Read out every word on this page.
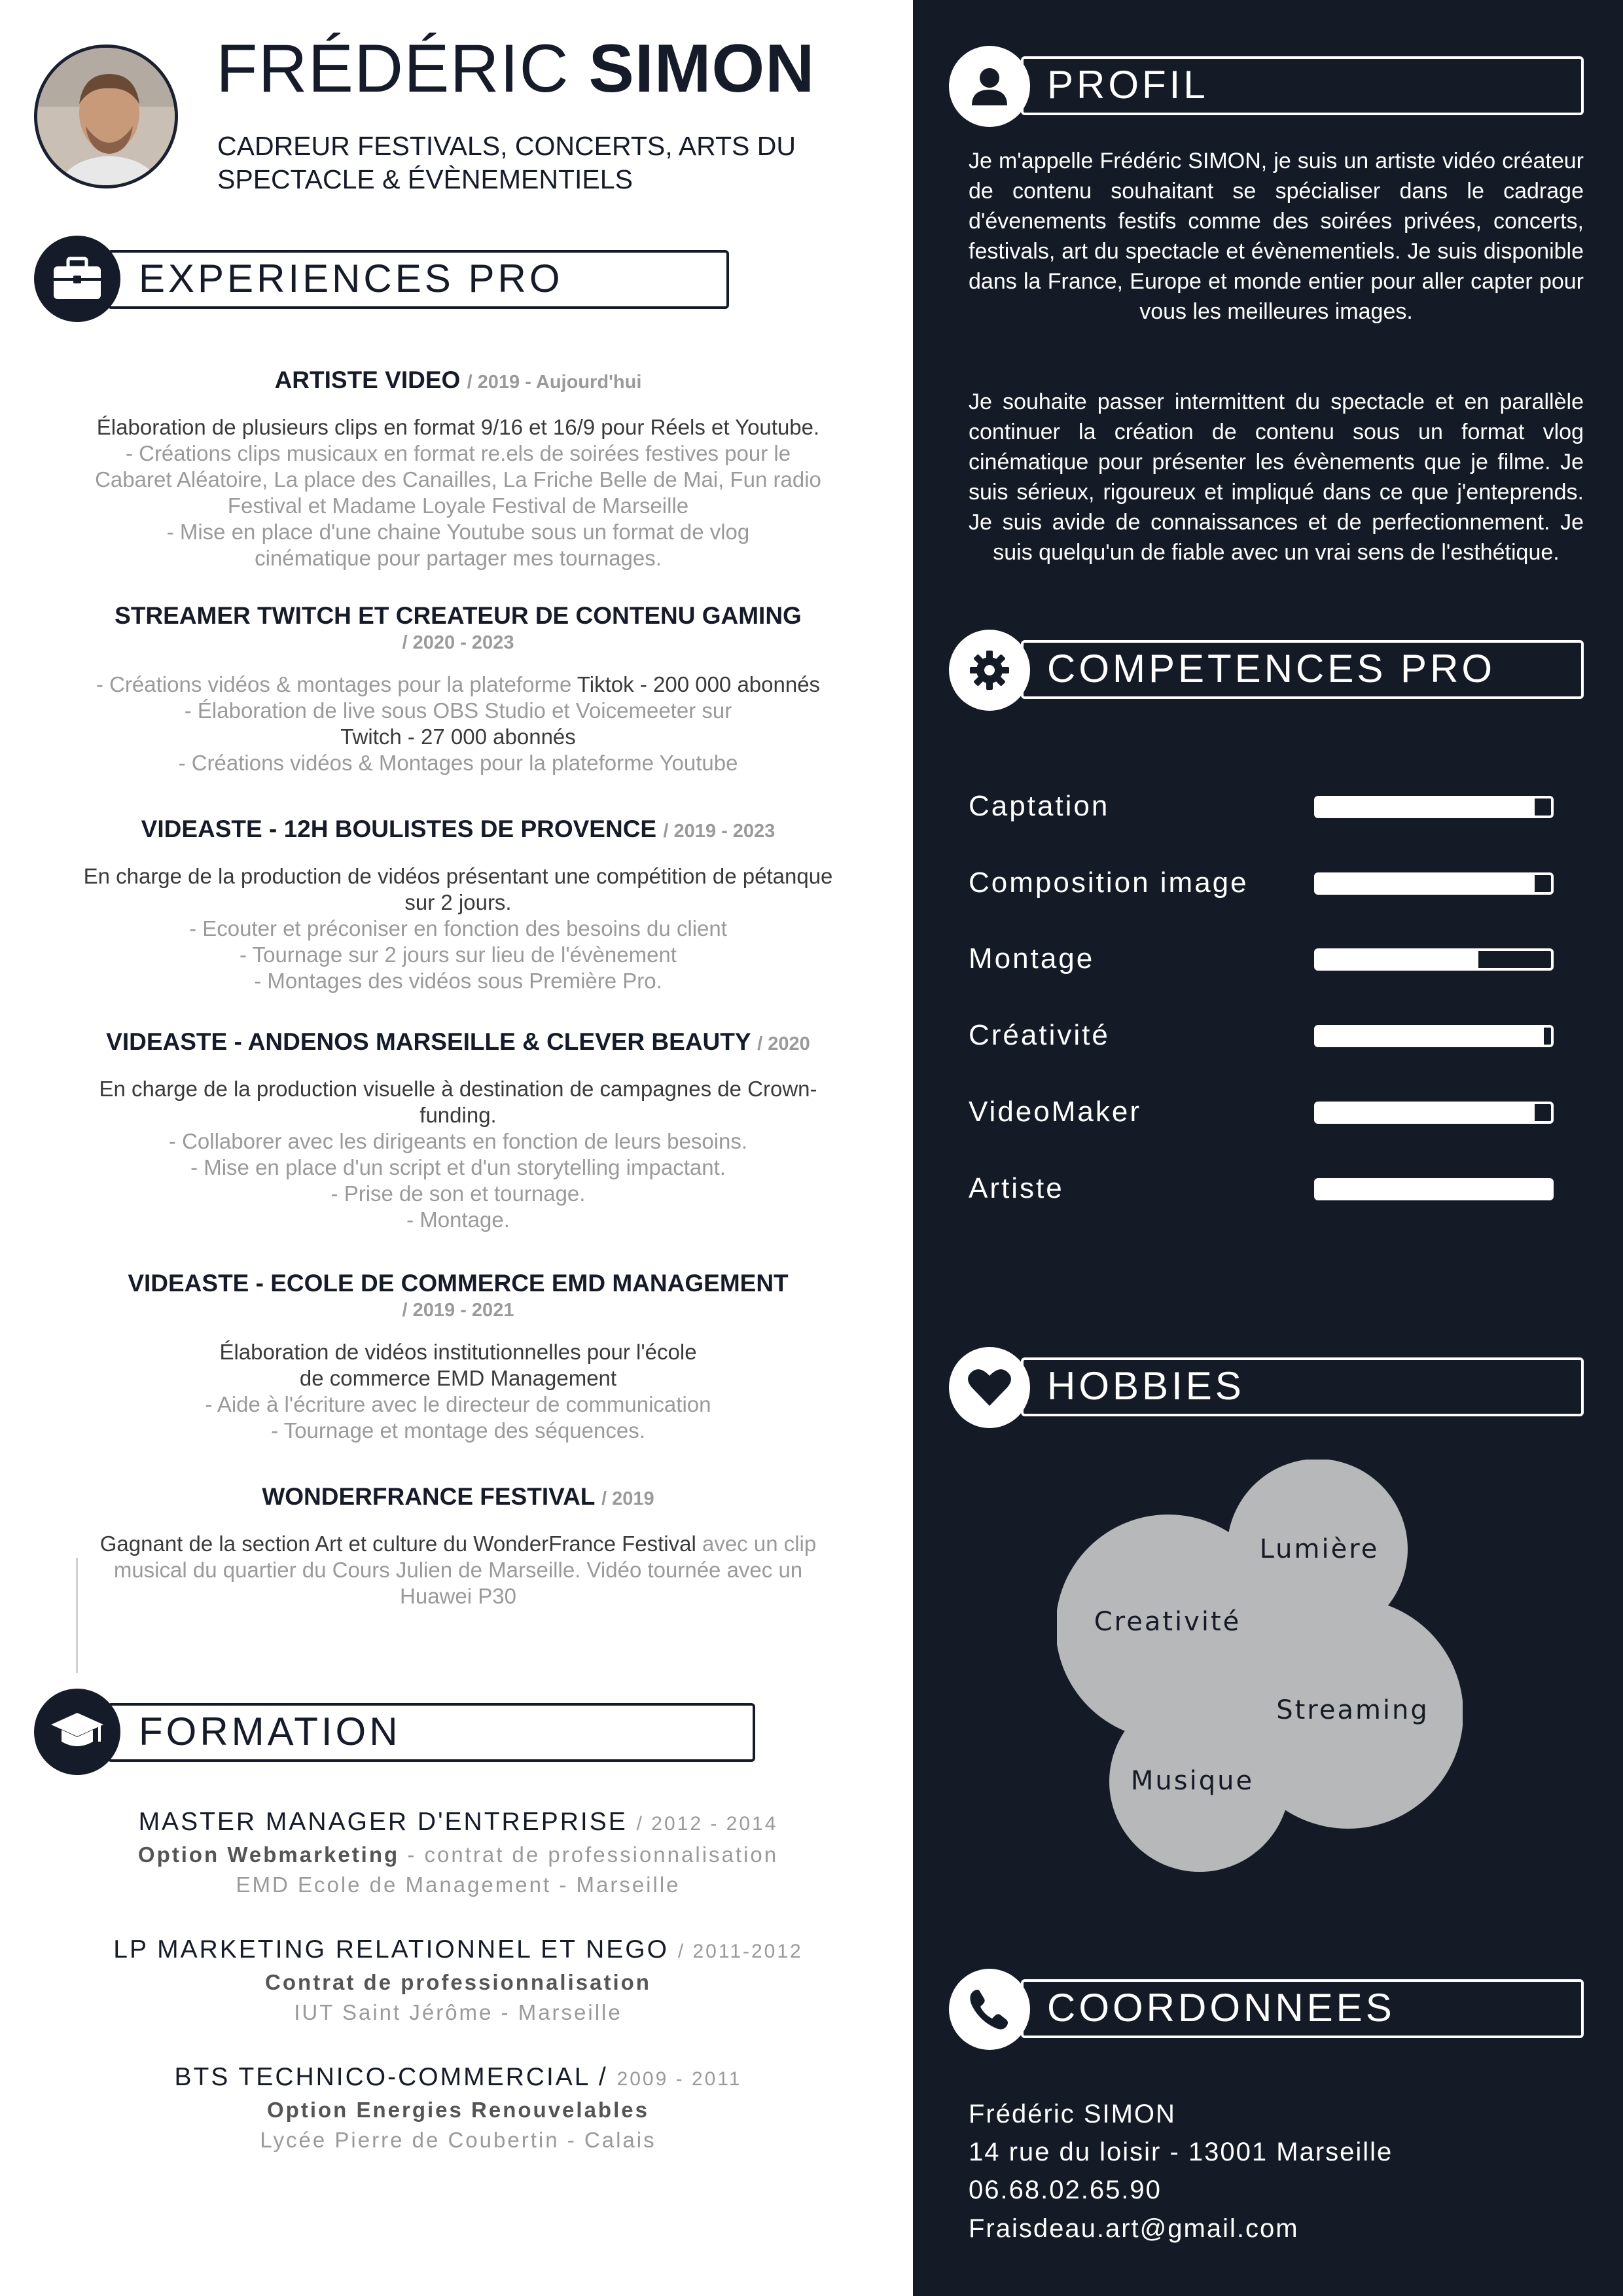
FRÉDÉRIC SIMON
CADREUR FESTIVALS, CONCERTS, ARTS DU
SPECTACLE & ÉVÈNEMENTIELS
EXPERIENCES PRO
ARTISTE VIDEO / 2019 - Aujourd'hui
Élaboration de plusieurs clips en format 9/16 et 16/9 pour Réels et Youtube.
- Créations clips musicaux en format re.els de soirées festives pour le Cabaret Aléatoire, La place des Canailles, La Friche Belle de Mai, Fun radio Festival et Madame Loyale Festival de Marseille
- Mise en place d'une chaine Youtube sous un format de vlog cinématique pour partager mes tournages.
STREAMER TWITCH ET CREATEUR DE CONTENU GAMING
/ 2020 - 2023
- Créations vidéos & montages pour la plateforme Tiktok - 200 000 abonnés
- Élaboration de live sous OBS Studio et Voicemeeter sur Twitch - 27 000 abonnés
- Créations vidéos & Montages pour la plateforme Youtube
VIDEASTE - 12H BOULISTES DE PROVENCE / 2019 - 2023
En charge de la production de vidéos présentant une compétition de pétanque sur 2 jours.
- Ecouter et préconiser en fonction des besoins du client
- Tournage sur 2 jours sur lieu de l'évènement
- Montages des vidéos sous Première Pro.
VIDEASTE - ANDENOS MARSEILLE & CLEVER BEAUTY / 2020
En charge de la production visuelle à destination de campagnes de Crown-funding.
- Collaborer avec les dirigeants en fonction de leurs besoins.
- Mise en place d'un script et d'un storytelling impactant.
- Prise de son et tournage.
- Montage.
VIDEASTE - ECOLE DE COMMERCE EMD MANAGEMENT
/ 2019 - 2021
Élaboration de vidéos institutionnelles pour l'école de commerce EMD Management
- Aide à l'écriture avec le directeur de communication
- Tournage et montage des séquences.
WONDERFRANCE FESTIVAL / 2019
Gagnant de la section Art et culture du WonderFrance Festival avec un clip musical du quartier du Cours Julien de Marseille. Vidéo tournée avec un Huawei P30
FORMATION
MASTER MANAGER D'ENTREPRISE / 2012 - 2014
Option Webmarketing - contrat de professionnalisation
EMD Ecole de Management - Marseille
LP MARKETING RELATIONNEL ET NEGO / 2011-2012
Contrat de professionnalisation
IUT Saint Jérôme - Marseille
BTS TECHNICO-COMMERCIAL / 2009 - 2011
Option Energies Renouvelables
Lycée Pierre de Coubertin - Calais
PROFIL
Je m'appelle Frédéric SIMON, je suis un artiste vidéo créateur de contenu souhaitant se spécialiser dans le cadrage d'évenements festifs comme des soirées privées, concerts, festivals, art du spectacle et évènementiels. Je suis disponible dans la France, Europe et monde entier pour aller capter pour vous les meilleures images.
Je souhaite passer intermittent du spectacle et en parallèle continuer la création de contenu sous un format vlog cinématique pour présenter les évènements que je filme. Je suis sérieux, rigoureux et impliqué dans ce que j'enteprends. Je suis avide de connaissances et de perfectionnement. Je suis quelqu'un de fiable avec un vrai sens de l'esthétique.
COMPETENCES PRO
Captation
Composition image
Montage
Créativité
VideoMaker
Artiste
HOBBIES
Lumière
Creativité
Streaming
Musique
COORDONNEES
Frédéric SIMON
14 rue du loisir - 13001 Marseille
06.68.02.65.90
Fraisdeau.art@gmail.com
